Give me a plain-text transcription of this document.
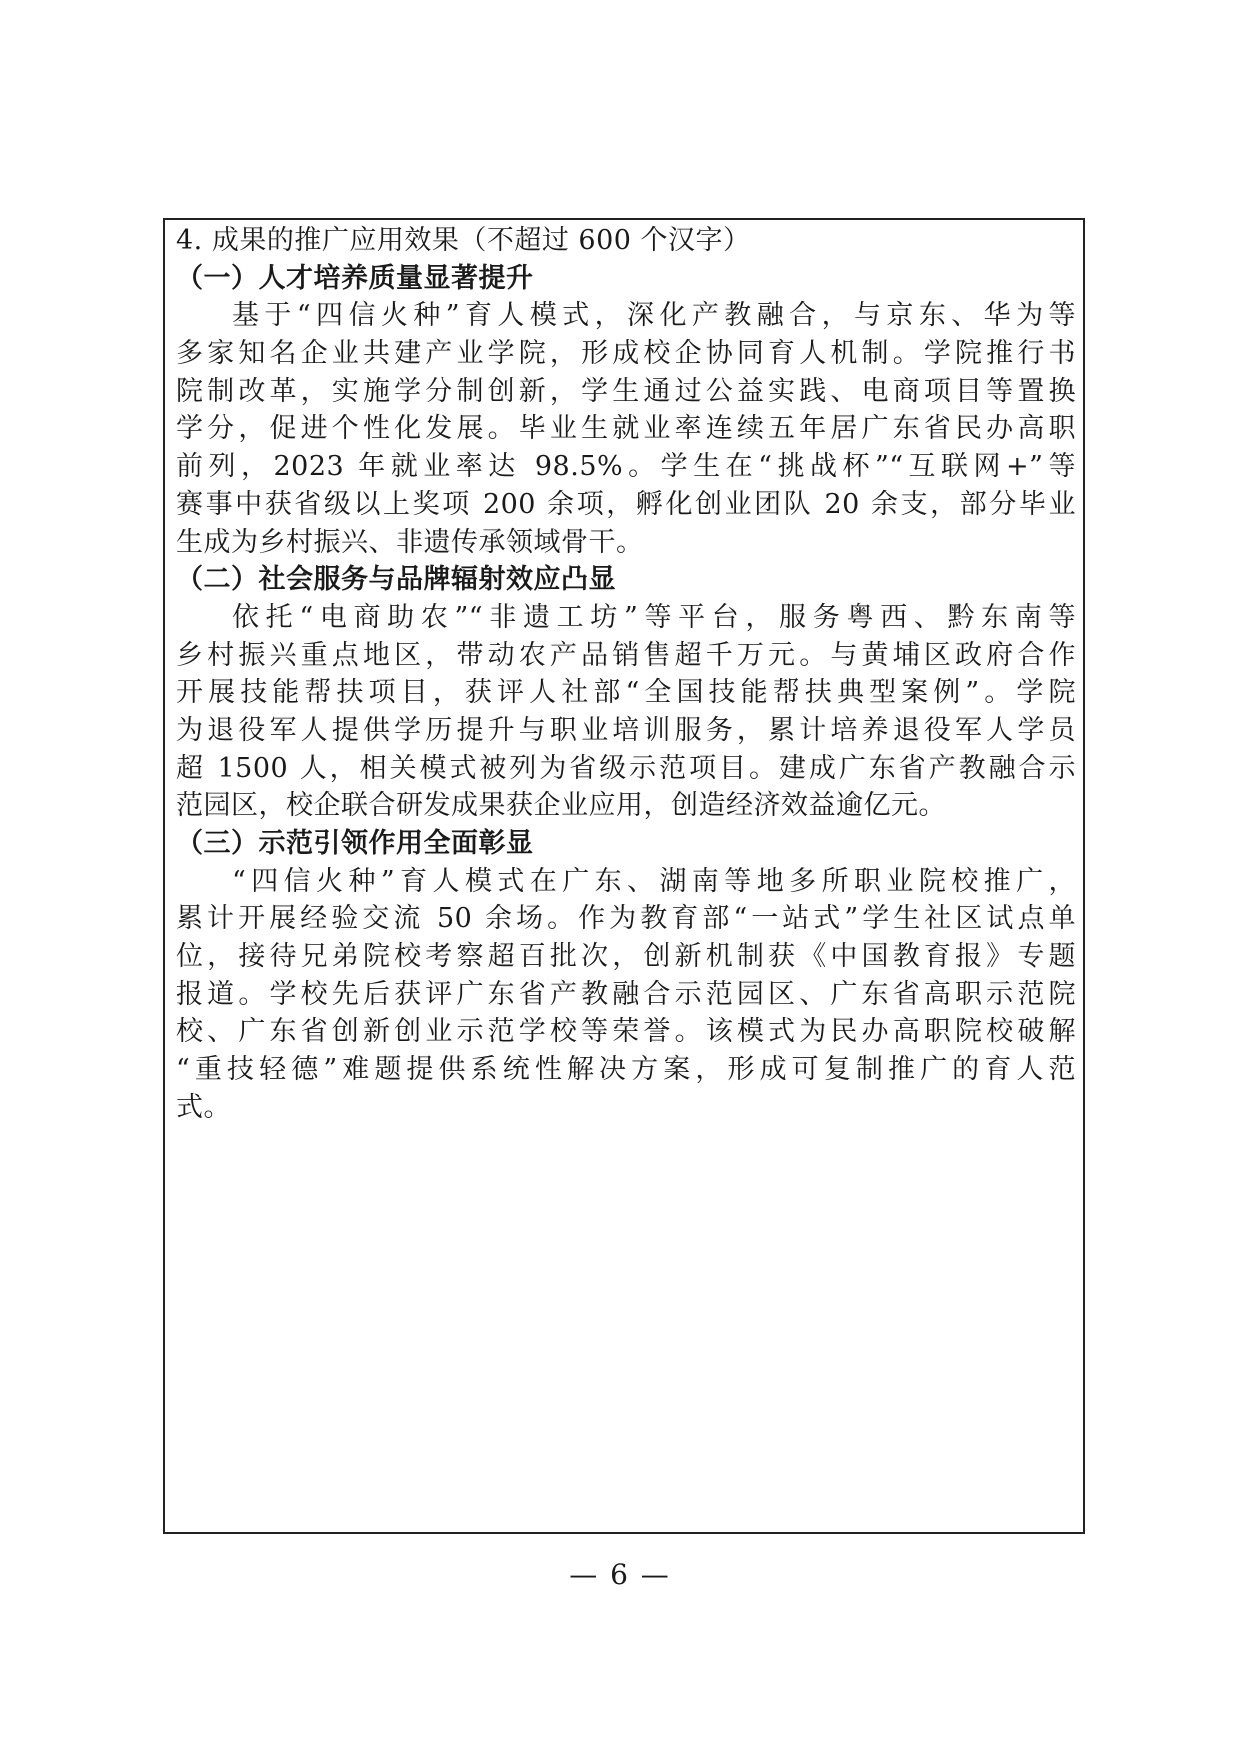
4. 成果的推广应用效果（不超过 600 个汉字）
（一）人才培养质量显著提升
基于“四信火种”育人模式，深化产教融合，与京东、华为等
多家知名企业共建产业学院，形成校企协同育人机制。学院推行书
院制改革，实施学分制创新，学生通过公益实践、电商项目等置换
学分，促进个性化发展。毕业生就业率连续五年居广东省民办高职
前列，2023 年就业率达 98.5%。学生在“挑战杯”“互联网+”等
赛事中获省级以上奖项 200 余项，孵化创业团队 20 余支，部分毕业
生成为乡村振兴、非遗传承领域骨干。
（二）社会服务与品牌辐射效应凸显
依托“电商助农”“非遗工坊”等平台，服务粤西、黔东南等
乡村振兴重点地区，带动农产品销售超千万元。与黄埔区政府合作
开展技能帮扶项目，获评人社部“全国技能帮扶典型案例”。学院
为退役军人提供学历提升与职业培训服务，累计培养退役军人学员
超 1500 人，相关模式被列为省级示范项目。建成广东省产教融合示
范园区，校企联合研发成果获企业应用，创造经济效益逾亿元。
（三）示范引领作用全面彰显
“四信火种”育人模式在广东、湖南等地多所职业院校推广，
累计开展经验交流 50 余场。作为教育部“一站式”学生社区试点单
位，接待兄弟院校考察超百批次，创新机制获《中国教育报》专题
报道。学校先后获评广东省产教融合示范园区、广东省高职示范院
校、广东省创新创业示范学校等荣誉。该模式为民办高职院校破解
“重技轻德”难题提供系统性解决方案，形成可复制推广的育人范
式。
— 6 —
